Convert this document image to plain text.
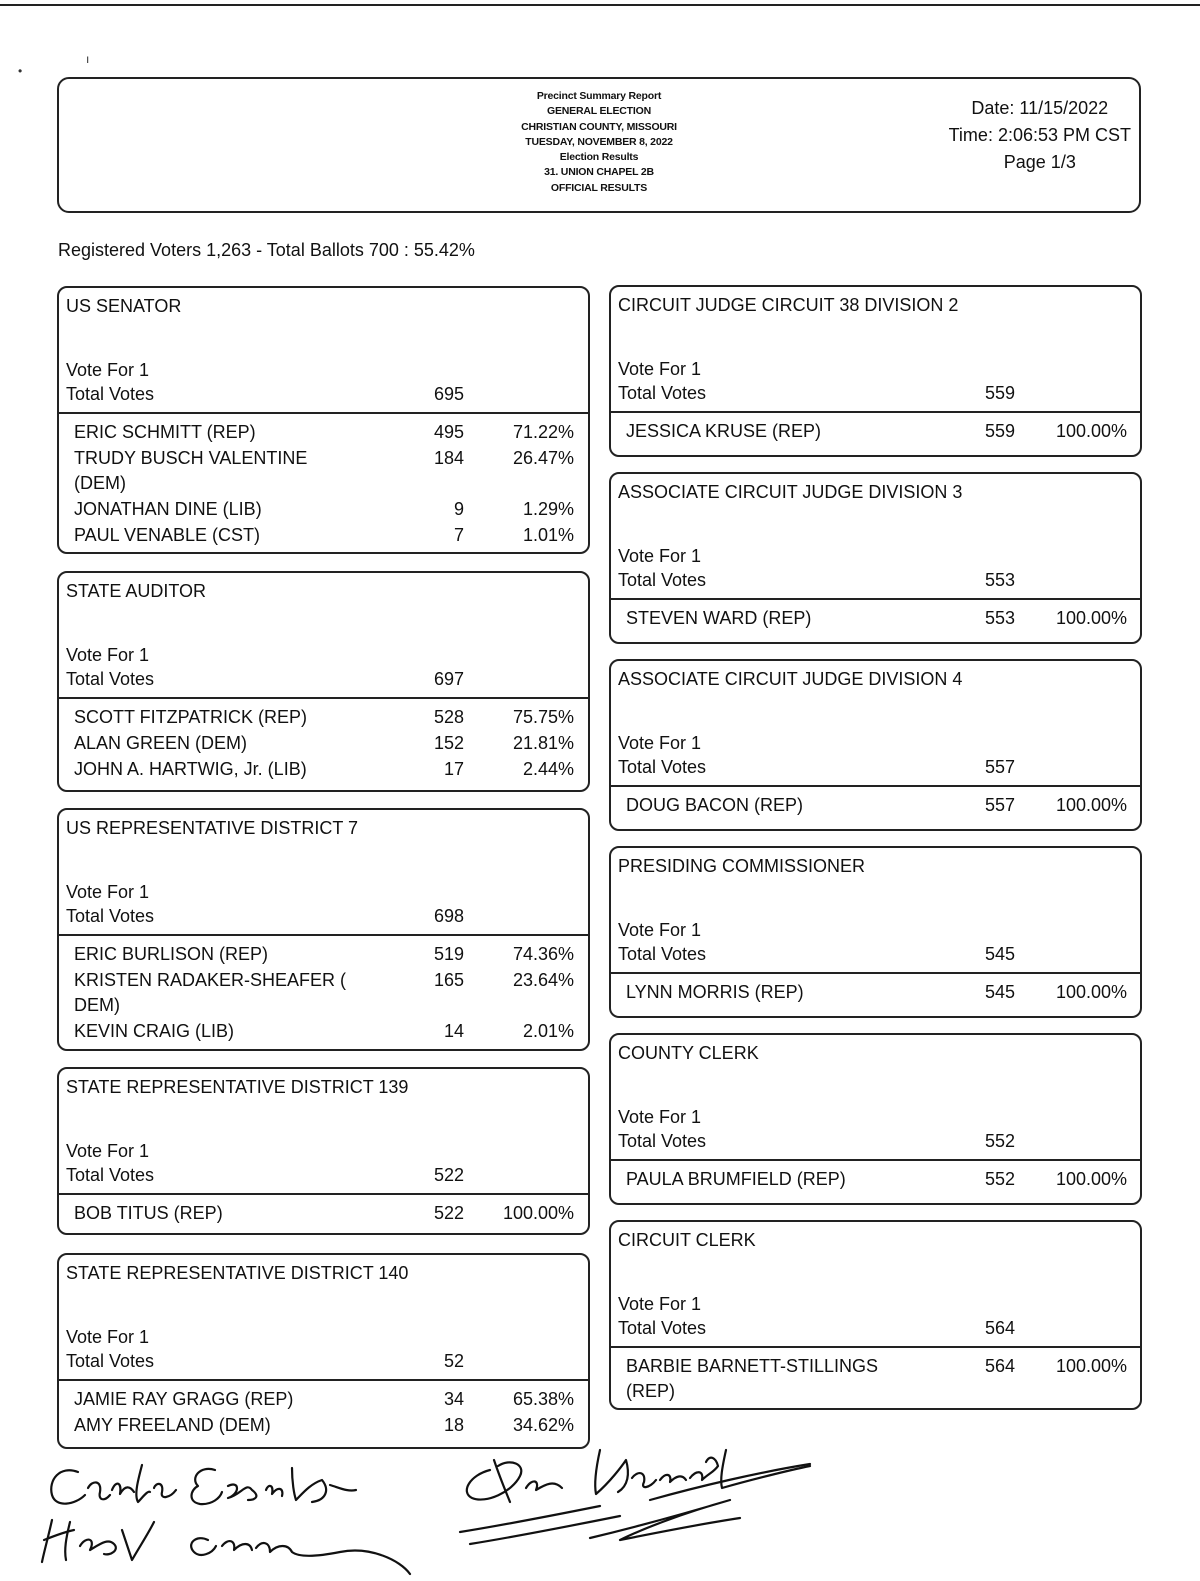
ı
•
Precinct Summary Report
GENERAL ELECTION
CHRISTIAN COUNTY, MISSOURI
TUESDAY, NOVEMBER 8, 2022
Election Results
31. UNION CHAPEL 2B
OFFICIAL RESULTS
Date: 11/15/2022
Time: 2:06:53 PM CST
Page 1/3
Registered Voters 1,263 - Total Ballots 700 : 55.42%
US SENATOR
Vote For 1
Total Votes	695
ERIC SCHMITT (REP)	495	71.22%
TRUDY BUSCH VALENTINE (DEM)
184	26.47%
JONATHAN DINE (LIB)	9	1.29%
PAUL VENABLE (CST)	7	1.01%
STATE AUDITOR
Vote For 1
Total Votes	697
SCOTT FITZPATRICK (REP)	528	75.75%
ALAN GREEN (DEM)	152	21.81%
JOHN A. HARTWIG, Jr. (LIB)	17	2.44%
US REPRESENTATIVE DISTRICT 7
Vote For 1
Total Votes	698
ERIC BURLISON (REP)	519	74.36%
KRISTEN RADAKER-SHEAFER ( DEM)
165	23.64%
KEVIN CRAIG (LIB)	14	2.01%
STATE REPRESENTATIVE DISTRICT 139
Vote For 1
Total Votes	522
BOB TITUS (REP)	522	100.00%
STATE REPRESENTATIVE DISTRICT 140
Vote For 1
Total Votes	52
JAMIE RAY GRAGG (REP)	34	65.38%
AMY FREELAND (DEM)	18	34.62%
CIRCUIT JUDGE CIRCUIT 38 DIVISION 2
Vote For 1
Total Votes	559
JESSICA KRUSE (REP)	559	100.00%
ASSOCIATE CIRCUIT JUDGE DIVISION 3
Vote For 1
Total Votes	553
STEVEN WARD (REP)	553	100.00%
ASSOCIATE CIRCUIT JUDGE DIVISION 4
Vote For 1
Total Votes	557
DOUG BACON (REP)	557	100.00%
PRESIDING COMMISSIONER
Vote For 1
Total Votes	545
LYNN MORRIS (REP)	545	100.00%
COUNTY CLERK
Vote For 1
Total Votes	552
PAULA BRUMFIELD (REP)	552	100.00%
CIRCUIT CLERK
Vote For 1
Total Votes	564
BARBIE BARNETT-STILLINGS (REP)
564	100.00%
